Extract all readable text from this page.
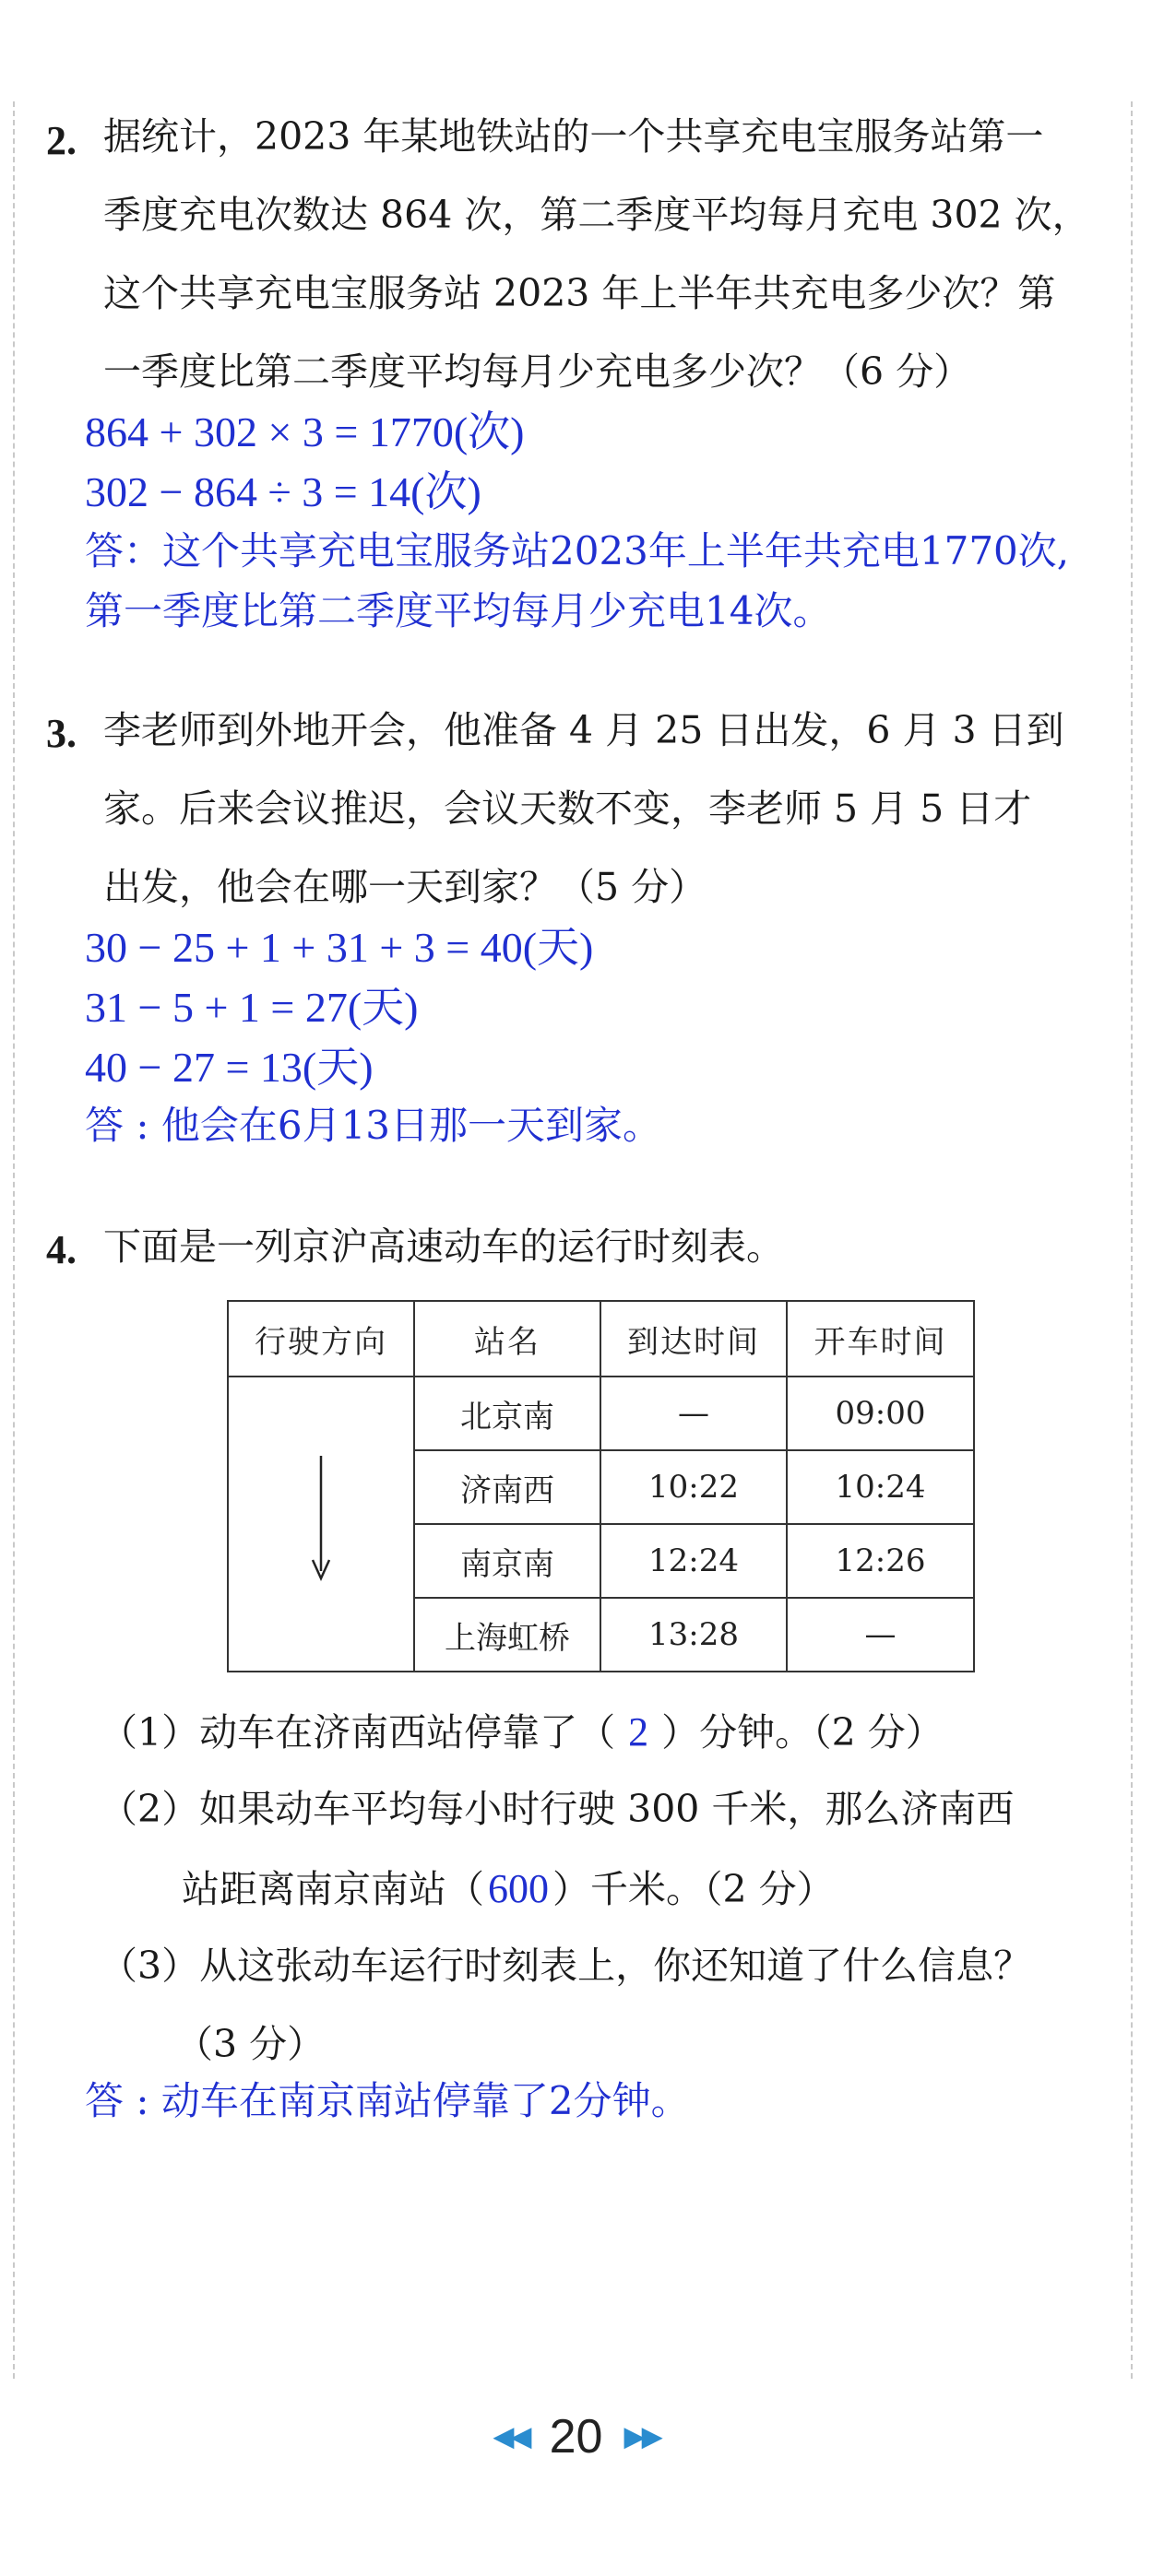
2. 据统计，2023 年某地铁站的一个共享充电宝服务站第一
季度充电次数达 864 次，第二季度平均每月充电 302 次，
这个共享充电宝服务站 2023 年上半年共充电多少次？第
一季度比第二季度平均每月少充电多少次？（6 分）
864 + 302 × 3 = 1770(次)
302 − 864 ÷ 3 = 14(次)
答：这个共享充电宝服务站2023年上半年共充电1770次,
第一季度比第二季度平均每月少充电14次。
3. 李老师到外地开会，他准备 4 月 25 日出发，6 月 3 日到
家。后来会议推迟，会议天数不变，李老师 5 月 5 日才
出发，他会在哪一天到家？（5 分）
30 − 25 + 1 + 31 + 3 = 40(天)
31 − 5 + 1 = 27(天)
40 − 27 = 13(天)
答 : 他会在6月13日那一天到家。
4. 下面是一列京沪高速动车的运行时刻表。
行驶方向	站名	到达时间	开车时间
	北京南	—	09:00
	济南西	10:22	10:24
	南京南	12:24	12:26
	上海虹桥	13:28	—
（1）动车在济南西站停靠了（ 2 ）分钟。（2 分）
（2）如果动车平均每小时行驶 300 千米，那么济南西
站距离南京南站（600）千米。（2 分）
（3）从这张动车运行时刻表上，你还知道了什么信息？
（3 分）
答 : 动车在南京南站停靠了2分钟。
◀◀ 20 ▶▶
